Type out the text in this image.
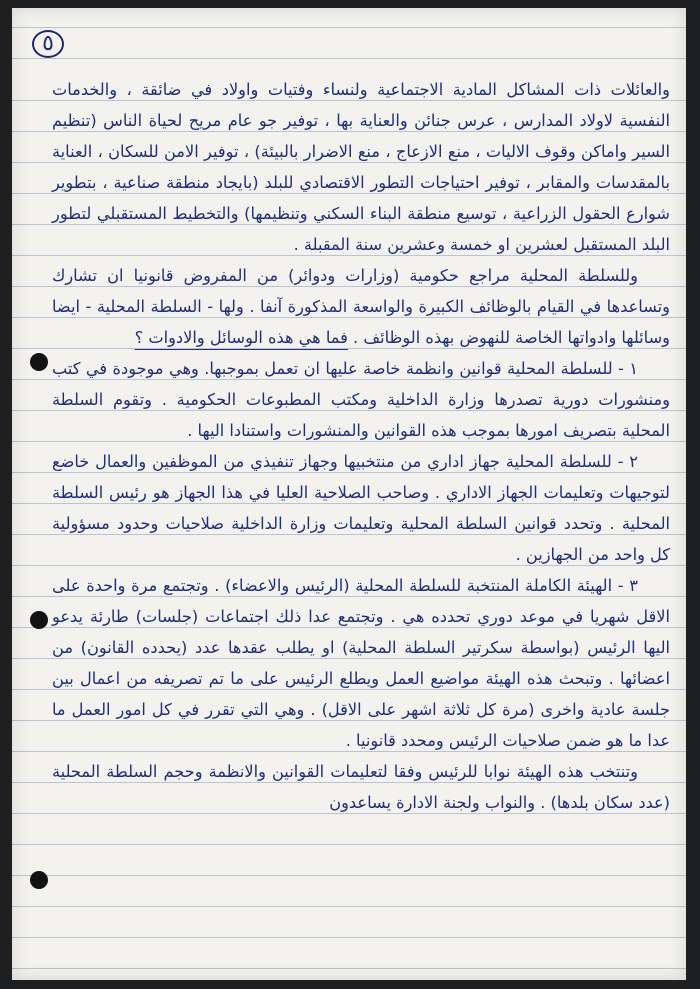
٥

والعائلات ذات المشاكل المادية الاجتماعية ولنساء وفتيات واولاد في ضائقة ، والخدمات النفسية لاولاد المدارس ، عرس جنائن والعناية بها ، توفير جو عام مريح لحياة الناس (تنظيم السير واماكن وقوف الاليات ، منع الازعاج ، منع الاضرار بالبيئة) ، توفير الامن للسكان ، العناية بالمقدسات والمقابر ، توفير احتياجات التطور الاقتصادي للبلد (بايجاد منطقة صناعية ، بتطوير شوارع الحقول الزراعية ، توسيع منطقة البناء السكني وتنظيمها) والتخطيط المستقبلي لتطور البلد المستقبل لعشرين او خمسة وعشرين سنة المقبلة .

وللسلطة المحلية مراجع حكومية (وزارات ودوائر) من المفروض قانونيا ان تشارك وتساعدها في القيام بالوظائف الكبيرة والواسعة المذكورة آنفا . ولها - السلطة المحلية - ايضا وسائلها وادواتها الخاصة للنهوض بهذه الوظائف . فما هي هذه الوسائل والادوات ؟

١ - للسلطة المحلية قوانين وانظمة خاصة عليها ان تعمل بموجبها. وهي موجودة في كتب ومنشورات دورية تصدرها وزارة الداخلية ومكتب المطبوعات الحكومية . وتقوم السلطة المحلية بتصريف امورها بموجب هذه القوانين والمنشورات واستنادا اليها .

٢ - للسلطة المحلية جهاز اداري من منتخبيها وجهاز تنفيذي من الموظفين والعمال خاضع لتوجيهات وتعليمات الجهاز الاداري . وصاحب الصلاحية العليا في هذا الجهاز هو رئيس السلطة المحلية . وتحدد قوانين السلطة المحلية وتعليمات وزارة الداخلية صلاحيات وحدود مسؤولية كل واحد من الجهازين .

٣ - الهيئة الكاملة المنتخبة للسلطة المحلية (الرئيس والاعضاء) . وتجتمع مرة واحدة على الاقل شهريا في موعد دوري تحدده هي . وتجتمع عدا ذلك اجتماعات (جلسات) طارئة يدعو اليها الرئيس (بواسطة سكرتير السلطة المحلية) او يطلب عقدها عدد (يحدده القانون) من اعضائها . وتبحث هذه الهيئة مواضيع العمل ويطلع الرئيس على ما تم تصريفه من اعمال بين جلسة عادية واخرى (مرة كل ثلاثة اشهر على الاقل) . وهي التي تقرر في كل امور العمل ما عدا ما هو ضمن صلاحيات الرئيس ومحدد قانونيا .

وتنتخب هذه الهيئة نوابا للرئيس وفقا لتعليمات القوانين والانظمة وحجم السلطة المحلية (عدد سكان بلدها) . والنواب ولجنة الادارة يساعدون
